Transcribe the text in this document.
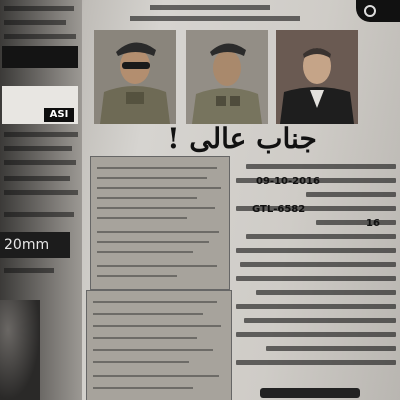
ASI
20mm
جناب عالی !
09-10-2016
GTL-6582
16
